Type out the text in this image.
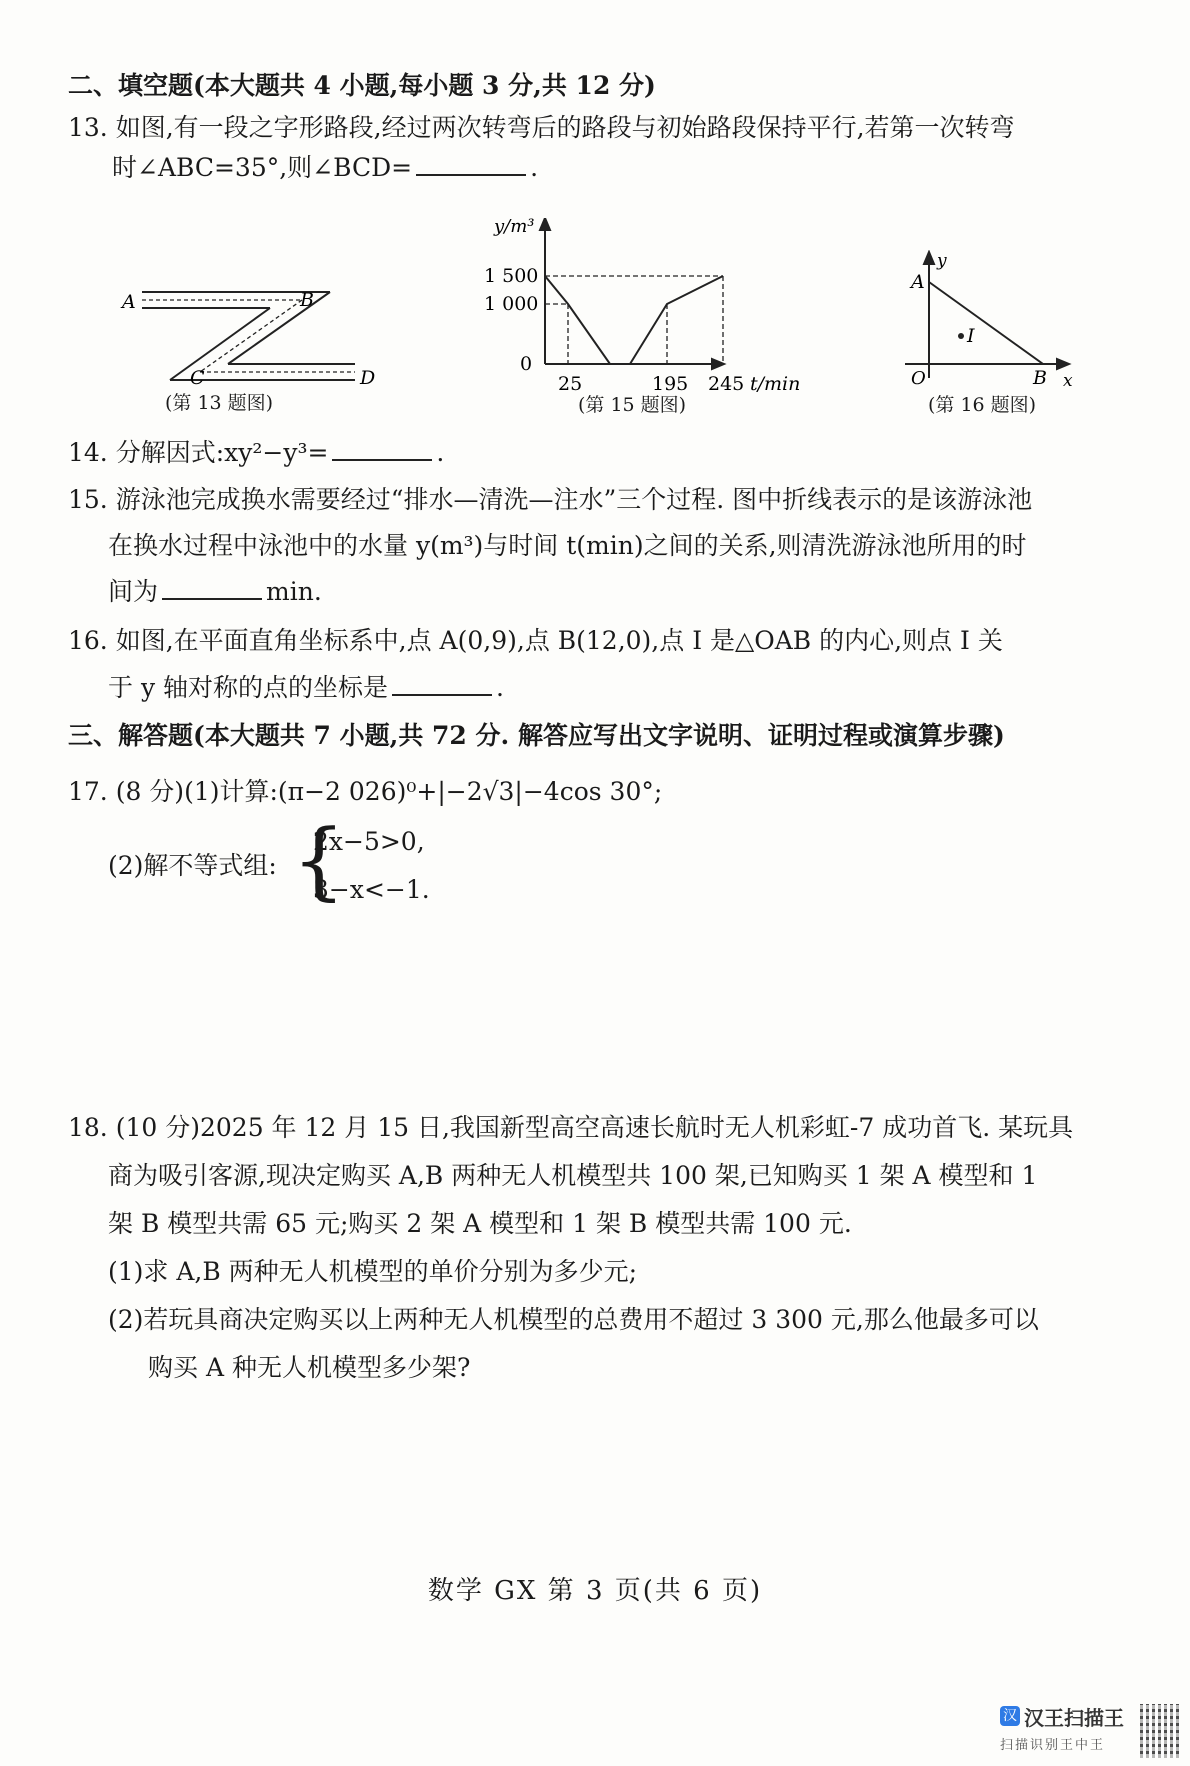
二、填空题(本大题共 4 小题,每小题 3 分,共 12 分)
13. 如图,有一段之字形路段,经过两次转弯后的路段与初始路段保持平行,若第一次转弯
时∠ABC=35°,则∠BCD=	.
A	B
C	D
(第 13 题图)
y/m³
1 500
1 000
0
25	195 245 t/min
(第 15 题图)
A
y
I
O	B x
(第 16 题图)
14. 分解因式:xy²−y³=	.
15. 游泳池完成换水需要经过“排水—清洗—注水”三个过程. 图中折线表示的是该游泳池
在换水过程中泳池中的水量 y(m³)与时间 t(min)之间的关系,则清洗游泳池所用的时
间为	min.
16. 如图,在平面直角坐标系中,点 A(0,9),点 B(12,0),点 I 是△OAB 的内心,则点 I 关
于 y 轴对称的点的坐标是	.
三、解答题(本大题共 7 小题,共 72 分. 解答应写出文字说明、证明过程或演算步骤)
17. (8 分)(1)计算:(π−2 026)⁰+|−2√3|−4cos 30°;
(2)解不等式组: {
2x−5>0,
3−x<−1.
18. (10 分)2025 年 12 月 15 日,我国新型高空高速长航时无人机彩虹-7 成功首飞. 某玩具
商为吸引客源,现决定购买 A,B 两种无人机模型共 100 架,已知购买 1 架 A 模型和 1
架 B 模型共需 65 元;购买 2 架 A 模型和 1 架 B 模型共需 100 元.
(1)求 A,B 两种无人机模型的单价分别为多少元;
(2)若玩具商决定购买以上两种无人机模型的总费用不超过 3 300 元,那么他最多可以
购买 A 种无人机模型多少架?
数学 GX 第 3 页(共 6 页)
汉 汉王扫描王
扫描识别王中王
